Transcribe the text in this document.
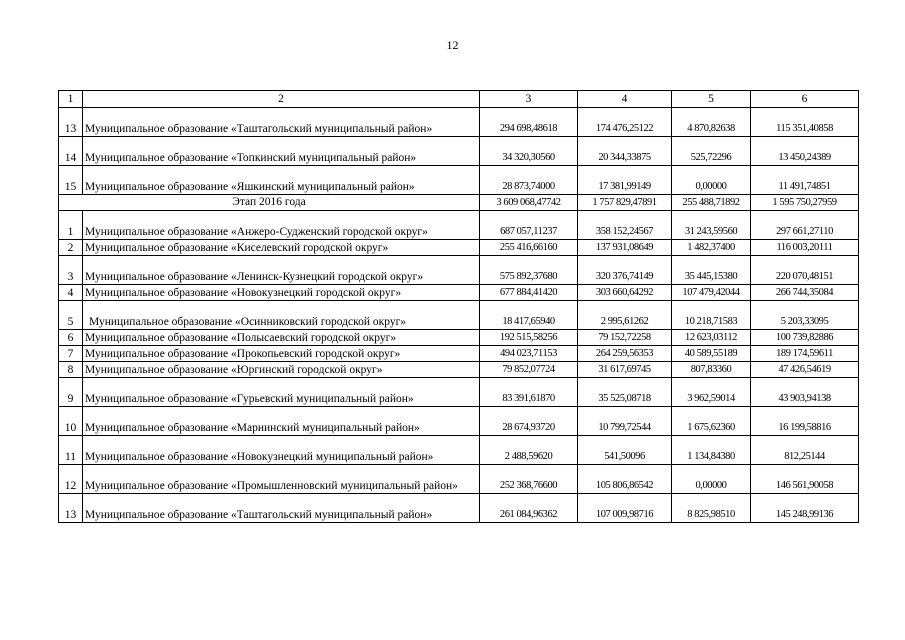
12
1	2	3	4	5	6
13	Муниципальное образование «Таштагольский муниципальный район»	294 698,48618	174 476,25122	4 870,82638	115 351,40858
14	Муниципальное образование «Топкинский муниципальный район»	34 320,30560	20 344,33875	525,72296	13 450,24389
15	Муниципальное образование «Яшкинский муниципальный район»	28 873,74000	17 381,99149	0,00000	11 491,74851
Этап 2016 года		3 609 068,47742	1 757 829,47891	255 488,71892	1 595 750,27959
1	Муниципальное образование «Анжеро-Судженский городской округ»	687 057,11237	358 152,24567	31 243,59560	297 661,27110
2	Муниципальное образование «Киселевский городской округ»	255 416,66160	137 931,08649	1 482,37400	116 003,20111
3	Муниципальное образование «Ленинск-Кузнецкий городской округ»	575 892,37680	320 376,74149	35 445,15380	220 070,48151
4	Муниципальное образование «Новокузнецкий городской округ»	677 884,41420	303 660,64292	107 479,42044	266 744,35084
5	Муниципальное образование «Осинниковский городской округ»	18 417,65940	2 995,61262	10 218,71583	5 203,33095
6	Муниципальное образование «Полысаевский городской округ»	192 515,58256	79 152,72258	12 623,03112	100 739,82886
7	Муниципальное образование «Прокопьевский городской округ»	494 023,71153	264 259,56353	40 589,55189	189 174,59611
8	Муниципальное образование «Юргинский городской округ»	79 852,07724	31 617,69745	807,83360	47 426,54619
9	Муниципальное образование «Гурьевский муниципальный район»	83 391,61870	35 525,08718	3 962,59014	43 903,94138
10	Муниципальное образование «Мариинский муниципальный район»	28 674,93720	10 799,72544	1 675,62360	16 199,58816
11	Муниципальное образование «Новокузнецкий муниципальный район»	2 488,59620	541,50096	1 134,84380	812,25144
12	Муниципальное образование «Промышленновский муниципальный район»	252 368,76600	105 806,86542	0,00000	146 561,90058
13	Муниципальное образование «Таштагольский муниципальный район»	261 084,96362	107 009,98716	8 825,98510	145 248,99136
